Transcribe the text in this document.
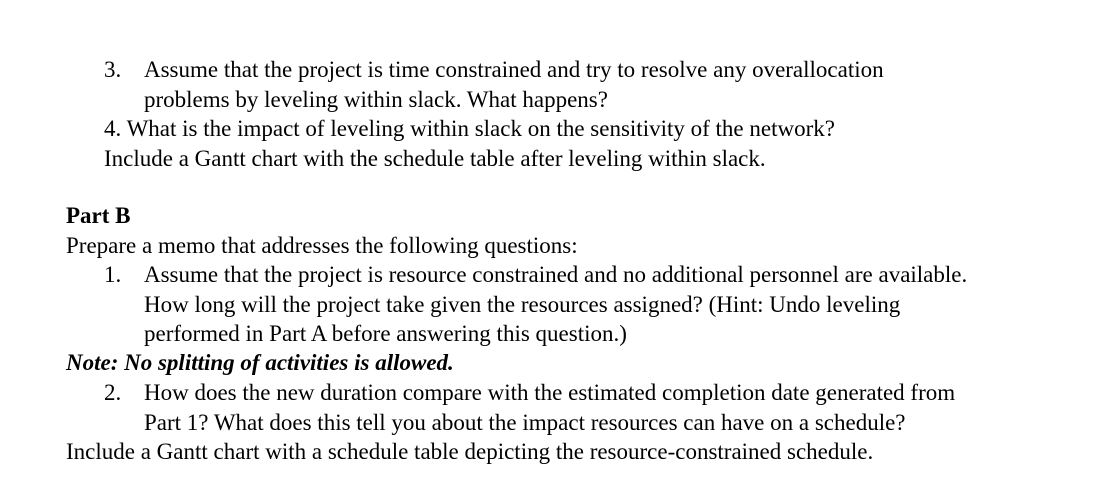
3. Assume that the project is time constrained and try to resolve any overallocation
problems by leveling within slack. What happens?
4. What is the impact of leveling within slack on the sensitivity of the network?
Include a Gantt chart with the schedule table after leveling within slack.
Part B
Prepare a memo that addresses the following questions:
1. Assume that the project is resource constrained and no additional personnel are available.
How long will the project take given the resources assigned? (Hint: Undo leveling
performed in Part A before answering this question.)
Note: No splitting of activities is allowed.
2. How does the new duration compare with the estimated completion date generated from
Part 1? What does this tell you about the impact resources can have on a schedule?
Include a Gantt chart with a schedule table depicting the resource-constrained schedule.
